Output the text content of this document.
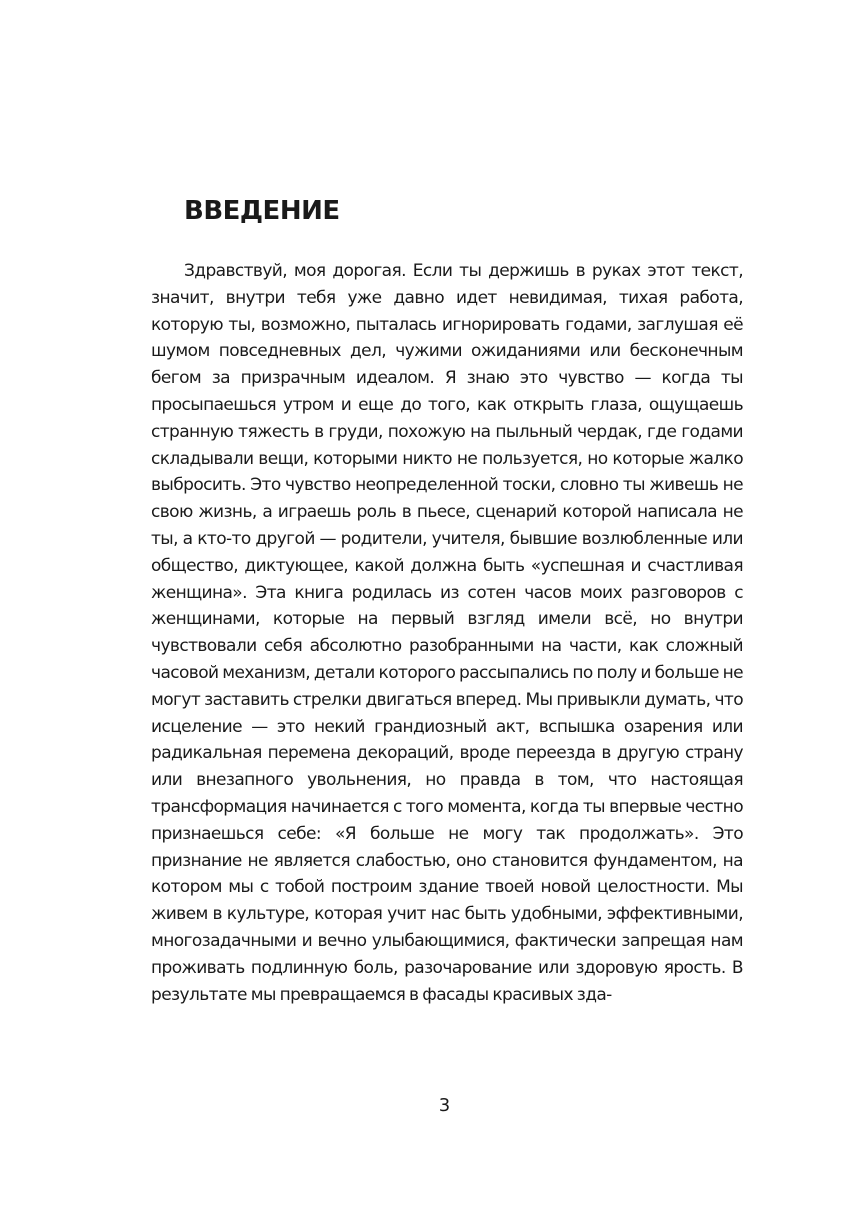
ВВЕДЕНИЕ

Здравствуй, моя дорогая. Если ты держишь в руках этот текст, значит, внутри тебя уже давно идет невидимая, тихая работа, которую ты, возможно, пыталась игнорировать годами, заглушая её шумом повседневных дел, чужими ожиданиями или бесконечным бегом за призрачным идеалом. Я знаю это чувство — когда ты просыпаешься утром и еще до того, как открыть глаза, ощущаешь странную тяжесть в груди, похожую на пыльный чердак, где годами складывали вещи, которыми никто не пользуется, но которые жалко выбросить. Это чувство неопределенной тоски, словно ты живешь не свою жизнь, а играешь роль в пьесе, сценарий которой написала не ты, а кто-то другой — родители, учителя, бывшие возлюбленные или общество, диктующее, какой должна быть «успешная и счастливая женщина». Эта книга родилась из сотен часов моих разговоров с женщинами, которые на первый взгляд имели всё, но внутри чувствовали себя абсолютно разобранными на части, как сложный часовой механизм, детали которого рассыпались по полу и больше не могут заставить стрелки двигаться вперед. Мы привыкли думать, что исцеление — это некий грандиозный акт, вспышка озарения или радикальная перемена декораций, вроде переезда в другую страну или внезапного увольнения, но правда в том, что настоящая трансформация начинается с того момента, когда ты впервые честно признаешься себе: «Я больше не могу так продолжать». Это признание не является слабостью, оно становится фундаментом, на котором мы с тобой построим здание твоей новой целостности. Мы живем в культуре, которая учит нас быть удобными, эффективными, многозадачными и вечно улыбающимися, фактически запрещая нам проживать подлинную боль, разочарование или здоровую ярость. В результате мы превращаемся в фасады красивых зда-

3
